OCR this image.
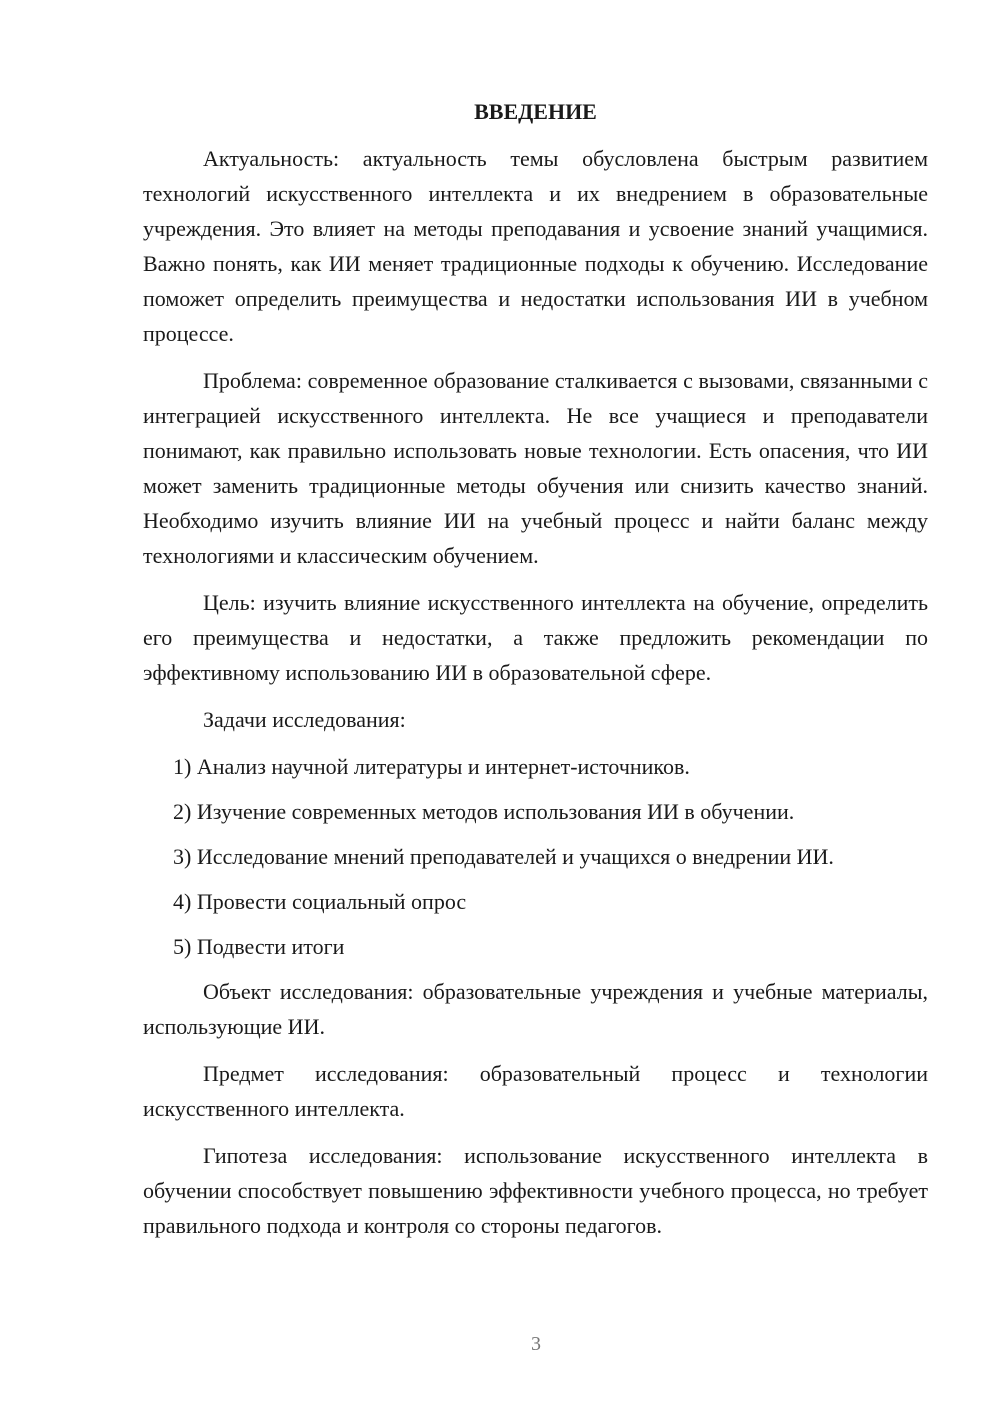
ВВЕДЕНИЕ

Актуальность: актуальность темы обусловлена быстрым развитием технологий искусственного интеллекта и их внедрением в образовательные учреждения. Это влияет на методы преподавания и усвоение знаний учащимися. Важно понять, как ИИ меняет традиционные подходы к обучению. Исследование поможет определить преимущества и недостатки использования ИИ в учебном процессе.

Проблема: современное образование сталкивается с вызовами, связанными с интеграцией искусственного интеллекта. Не все учащиеся и преподаватели понимают, как правильно использовать новые технологии. Есть опасения, что ИИ может заменить традиционные методы обучения или снизить качество знаний. Необходимо изучить влияние ИИ на учебный процесс и найти баланс между технологиями и классическим обучением.

Цель: изучить влияние искусственного интеллекта на обучение, определить его преимущества и недостатки, а также предложить рекомендации по эффективному использованию ИИ в образовательной сфере.

Задачи исследования:

1) Анализ научной литературы и интернет-источников.
2) Изучение современных методов использования ИИ в обучении.
3) Исследование мнений преподавателей и учащихся о внедрении ИИ.
4) Провести социальный опрос
5) Подвести итоги

Объект исследования: образовательные учреждения и учебные материалы, использующие ИИ.

Предмет исследования: образовательный процесс и технологии искусственного интеллекта.

Гипотеза исследования: использование искусственного интеллекта в обучении способствует повышению эффективности учебного процесса, но требует правильного подхода и контроля со стороны педагогов.

3
